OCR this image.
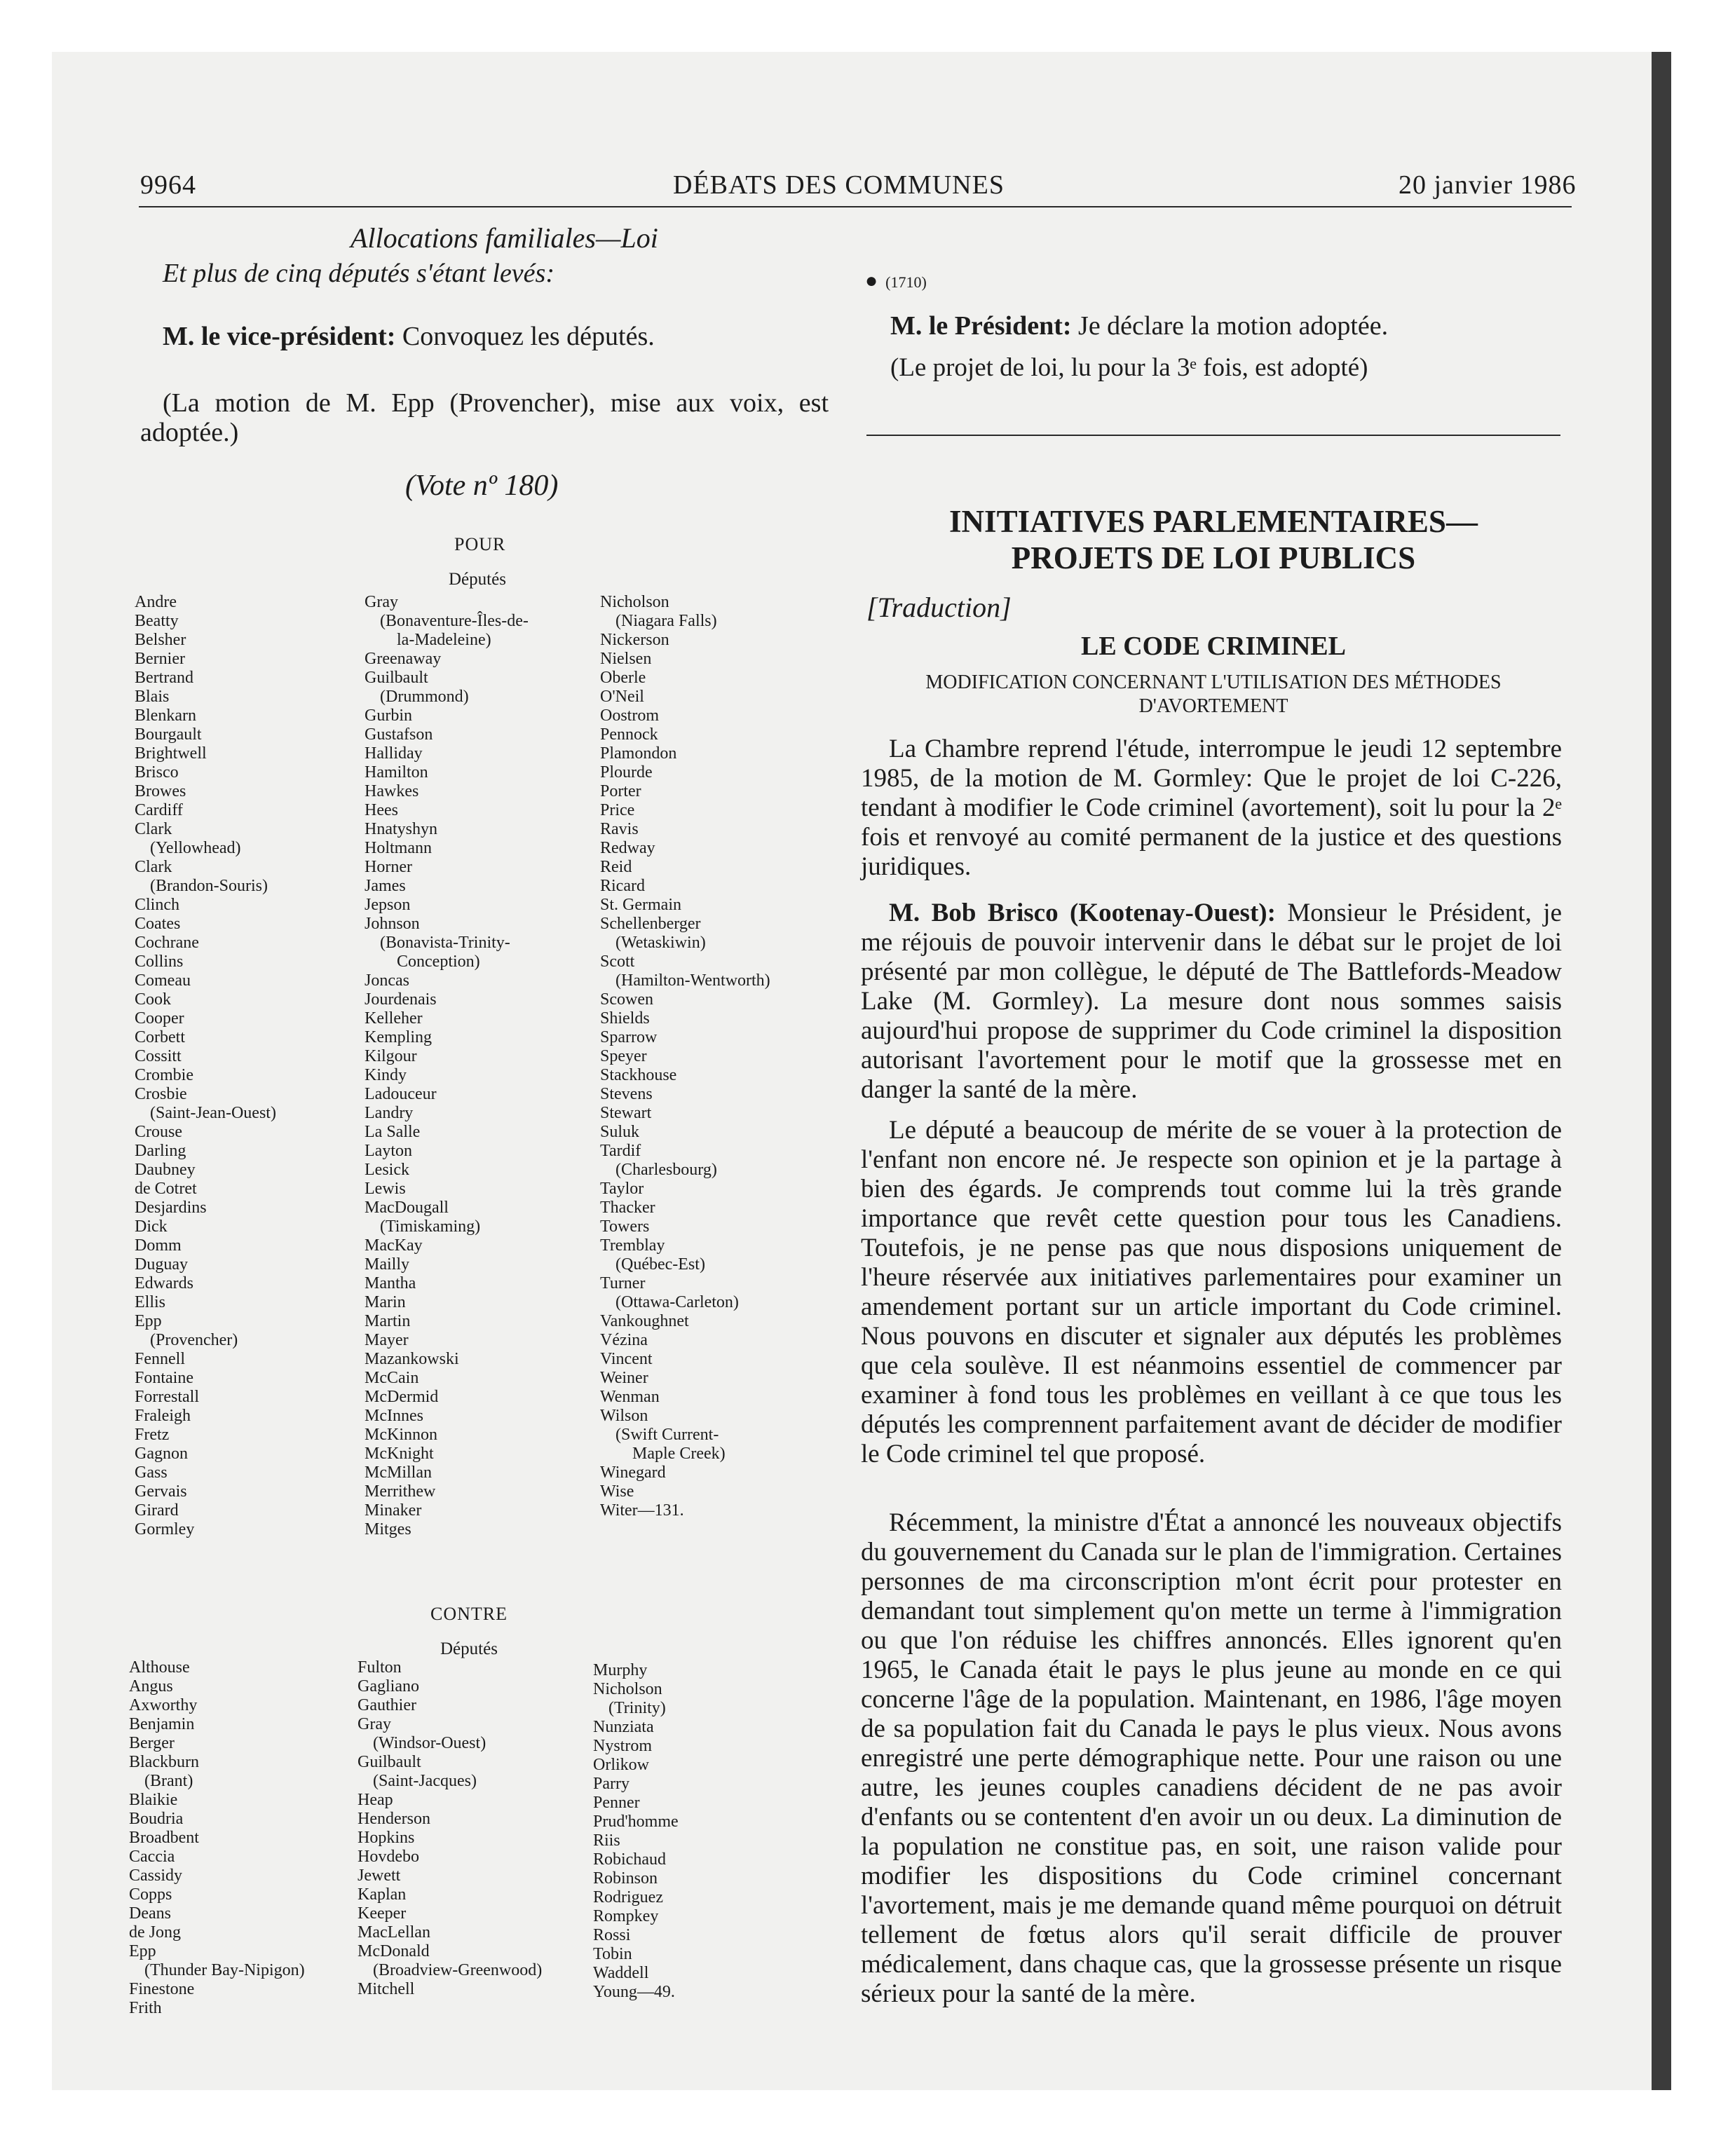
9964	DÉBATS DES COMMUNES	20 janvier 1986
Allocations familiales—Loi
Et plus de cinq députés s'étant levés:
M. le vice-président: Convoquez les députés.
(La motion de M. Epp (Provencher), mise aux voix, est
adoptée.)
(Vote nº 180)
POUR
Députés
Andre
Beatty
Belsher
Bernier
Bertrand
Blais
Blenkarn
Bourgault
Brightwell
Brisco
Browes
Cardiff
Clark
(Yellowhead)
Clark
(Brandon-Souris)
Clinch
Coates
Cochrane
Collins
Comeau
Cook
Cooper
Corbett
Cossitt
Crombie
Crosbie
(Saint-Jean-Ouest)
Crouse
Darling
Daubney
de Cotret
Desjardins
Dick
Domm
Duguay
Edwards
Ellis
Epp
(Provencher)
Fennell
Fontaine
Forrestall
Fraleigh
Fretz
Gagnon
Gass
Gervais
Girard
Gormley
Gray
(Bonaventure-Îles-de-
la-Madeleine)
Greenaway
Guilbault
(Drummond)
Gurbin
Gustafson
Halliday
Hamilton
Hawkes
Hees
Hnatyshyn
Holtmann
Horner
James
Jepson
Johnson
(Bonavista-Trinity-
Conception)
Joncas
Jourdenais
Kelleher
Kempling
Kilgour
Kindy
Ladouceur
Landry
La Salle
Layton
Lesick
Lewis
MacDougall
(Timiskaming)
MacKay
Mailly
Mantha
Marin
Martin
Mayer
Mazankowski
McCain
McDermid
McInnes
McKinnon
McKnight
McMillan
Merrithew
Minaker
Mitges
Nicholson
(Niagara Falls)
Nickerson
Nielsen
Oberle
O'Neil
Oostrom
Pennock
Plamondon
Plourde
Porter
Price
Ravis
Redway
Reid
Ricard
St. Germain
Schellenberger
(Wetaskiwin)
Scott
(Hamilton-Wentworth)
Scowen
Shields
Sparrow
Speyer
Stackhouse
Stevens
Stewart
Suluk
Tardif
(Charlesbourg)
Taylor
Thacker
Towers
Tremblay
(Québec-Est)
Turner
(Ottawa-Carleton)
Vankoughnet
Vézina
Vincent
Weiner
Wenman
Wilson
(Swift Current-
Maple Creek)
Winegard
Wise
Witer—131.
CONTRE
Députés
Althouse
Angus
Axworthy
Benjamin
Berger
Blackburn
(Brant)
Blaikie
Boudria
Broadbent
Caccia
Cassidy
Copps
Deans
de Jong
Epp
(Thunder Bay-Nipigon)
Finestone
Frith
Fulton
Gagliano
Gauthier
Gray
(Windsor-Ouest)
Guilbault
(Saint-Jacques)
Heap
Henderson
Hopkins
Hovdebo
Jewett
Kaplan
Keeper
MacLellan
McDonald
(Broadview-Greenwood)
Mitchell
Murphy
Nicholson
(Trinity)
Nunziata
Nystrom
Orlikow
Parry
Penner
Prud'homme
Riis
Robichaud
Robinson
Rodriguez
Rompkey
Rossi
Tobin
Waddell
Young—49.
● (1710)
M. le Président: Je déclare la motion adoptée.
(Le projet de loi, lu pour la 3ᵉ fois, est adopté)
INITIATIVES PARLEMENTAIRES—
PROJETS DE LOI PUBLICS
[Traduction]
LE CODE CRIMINEL
MODIFICATION CONCERNANT L'UTILISATION DES MÉTHODES
D'AVORTEMENT
La Chambre reprend l'étude, interrompue le jeudi 12 septembre 1985, de la motion de M. Gormley: Que le projet de loi C-226, tendant à modifier le Code criminel (avortement), soit lu pour la 2ᵉ fois et renvoyé au comité permanent de la justice et des questions juridiques.
M. Bob Brisco (Kootenay-Ouest): Monsieur le Président, je me réjouis de pouvoir intervenir dans le débat sur le projet de loi présenté par mon collègue, le député de The Battlefords-Meadow Lake (M. Gormley). La mesure dont nous sommes saisis aujourd'hui propose de supprimer du Code criminel la disposition autorisant l'avortement pour le motif que la grossesse met en danger la santé de la mère.
Le député a beaucoup de mérite de se vouer à la protection de l'enfant non encore né. Je respecte son opinion et je la partage à bien des égards. Je comprends tout comme lui la très grande importance que revêt cette question pour tous les Canadiens. Toutefois, je ne pense pas que nous disposions uniquement de l'heure réservée aux initiatives parlementaires pour examiner un amendement portant sur un article important du Code criminel. Nous pouvons en discuter et signaler aux députés les problèmes que cela soulève. Il est néanmoins essentiel de commencer par examiner à fond tous les problèmes en veillant à ce que tous les députés les comprennent parfaitement avant de décider de modifier le Code criminel tel que proposé.
Récemment, la ministre d'État a annoncé les nouveaux objectifs du gouvernement du Canada sur le plan de l'immigration. Certaines personnes de ma circonscription m'ont écrit pour protester en demandant tout simplement qu'on mette un terme à l'immigration ou que l'on réduise les chiffres annoncés. Elles ignorent qu'en 1965, le Canada était le pays le plus jeune au monde en ce qui concerne l'âge de la population. Maintenant, en 1986, l'âge moyen de sa population fait du Canada le pays le plus vieux. Nous avons enregistré une perte démographique nette. Pour une raison ou une autre, les jeunes couples canadiens décident de ne pas avoir d'enfants ou se contentent d'en avoir un ou deux. La diminution de la population ne constitue pas, en soit, une raison valide pour modifier les dispositions du Code criminel concernant l'avortement, mais je me demande quand même pourquoi on détruit tellement de fœtus alors qu'il serait difficile de prouver médicalement, dans chaque cas, que la grossesse présente un risque sérieux pour la santé de la mère.
